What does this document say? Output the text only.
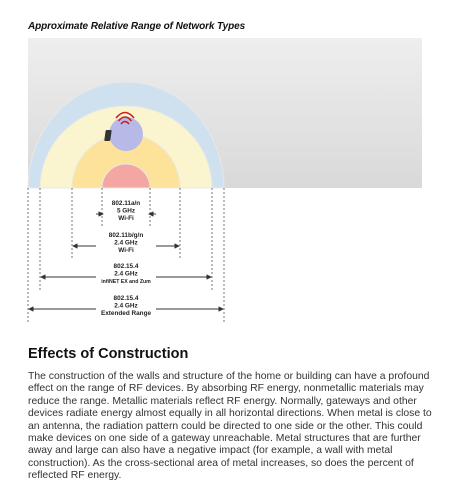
Approximate Relative Range of Network Types
802.11a/n
5 GHz
Wi-Fi
802.11b/g/n
2.4 GHz
Wi-Fi
802.15.4
2.4 GHz
infiNET EX and Zum
802.15.4
2.4 GHz
Extended Range
Effects of Construction

The construction of the walls and structure of the home or building can have a profound effect on the range of RF devices. By absorbing RF energy, nonmetallic materials may reduce the range. Metallic materials reflect RF energy. Normally, gateways and other devices radiate energy almost equally in all horizontal directions. When metal is close to an antenna, the radiation pattern could be directed to one side or the other. This could make devices on one side of a gateway unreachable. Metal structures that are further away and large can also have a negative impact (for example, a wall with metal construction). As the cross-sectional area of metal increases, so does the percent of reflected RF energy.
